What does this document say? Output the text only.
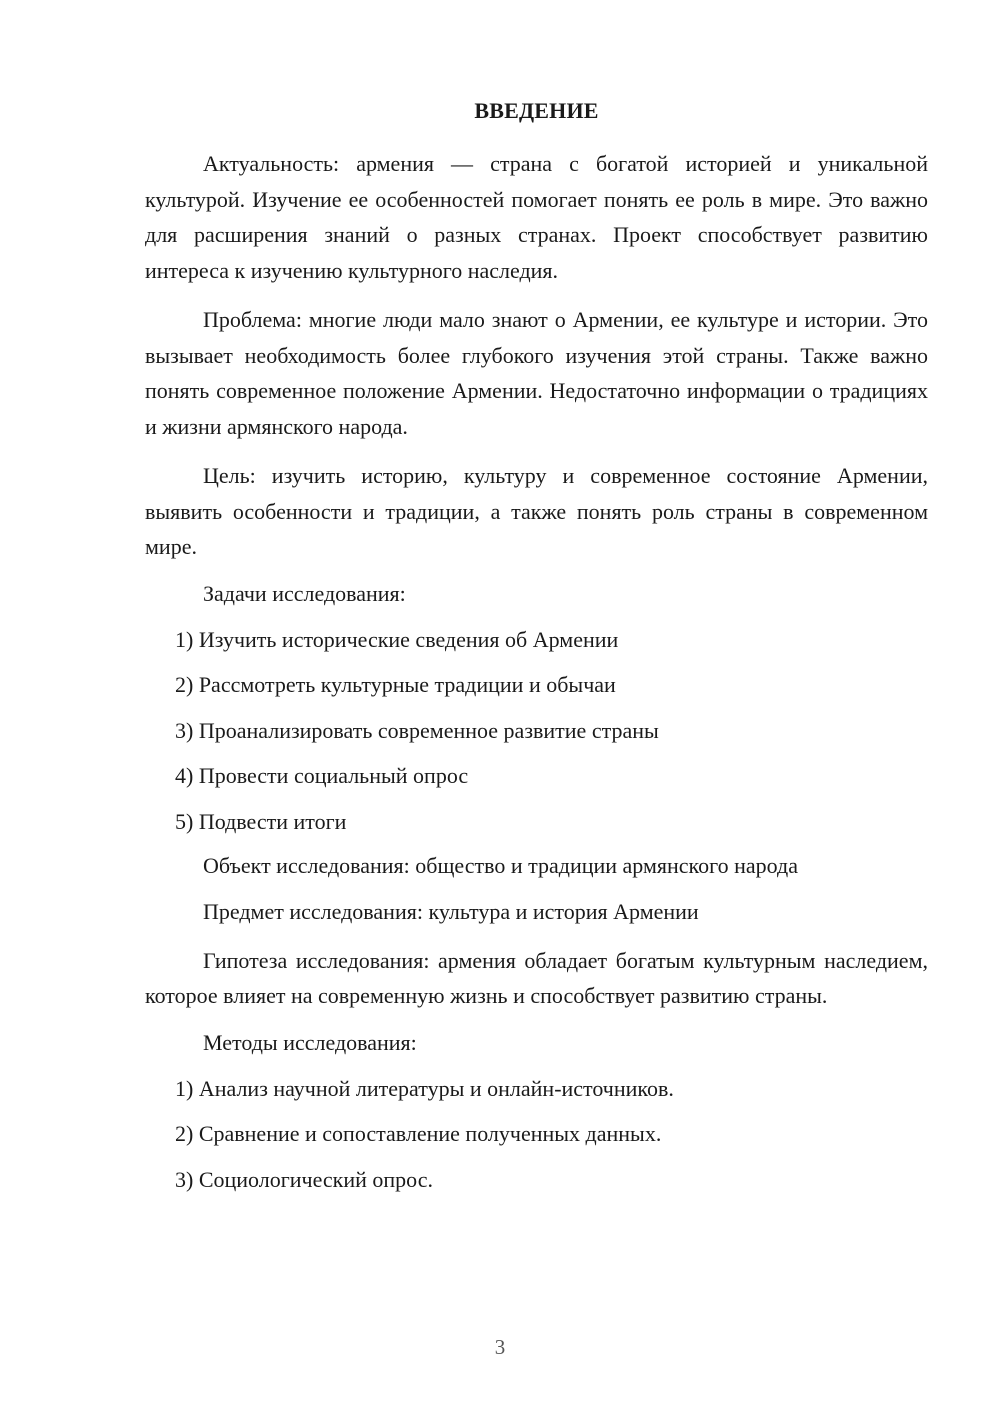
ВВЕДЕНИЕ

Актуальность: армения — страна с богатой историей и уникальной культурой. Изучение ее особенностей помогает понять ее роль в мире. Это важно для расширения знаний о разных странах. Проект способствует развитию интереса к изучению культурного наследия.

Проблема: многие люди мало знают о Армении, ее культуре и истории. Это вызывает необходимость более глубокого изучения этой страны. Также важно понять современное положение Армении. Недостаточно информации о традициях и жизни армянского народа.

Цель: изучить историю, культуру и современное состояние Армении, выявить особенности и традиции, а также понять роль страны в современном мире.

Задачи исследования:

1) Изучить исторические сведения об Армении
2) Рассмотреть культурные традиции и обычаи
3) Проанализировать современное развитие страны
4) Провести социальный опрос
5) Подвести итоги

Объект исследования: общество и традиции армянского народа

Предмет исследования: культура и история Армении

Гипотеза исследования: армения обладает богатым культурным наследием, которое влияет на современную жизнь и способствует развитию страны.

Методы исследования:

1) Анализ научной литературы и онлайн-источников.
2) Сравнение и сопоставление полученных данных.
3) Социологический опрос.
3
